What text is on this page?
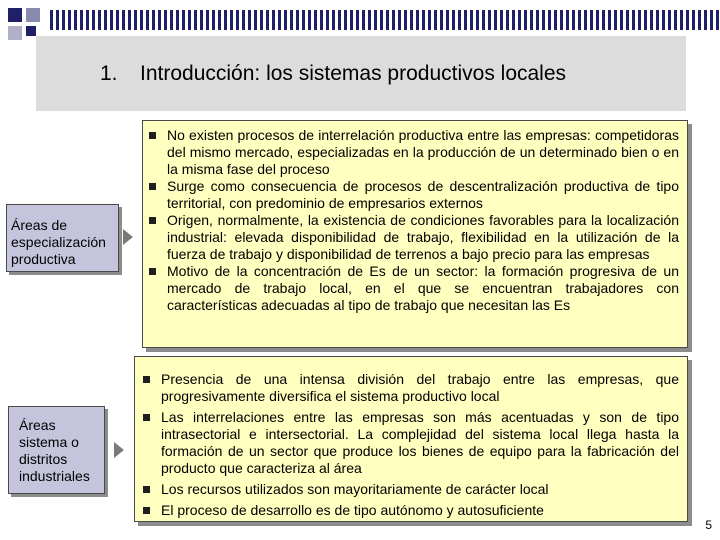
1. Introducción: los sistemas productivos locales
Áreas de especialización productiva
No existen procesos de interrelación productiva entre las empresas: competidoras del mismo mercado, especializadas en la producción de un determinado bien o en la misma fase del proceso
Surge como consecuencia de procesos de descentralización productiva de tipo territorial, con predominio de empresarios externos
Origen, normalmente, la existencia de condiciones favorables para la localización industrial: elevada disponibilidad de trabajo, flexibilidad en la utilización de la fuerza de trabajo y disponibilidad de terrenos a bajo precio para las empresas
Motivo de la concentración de Es de un sector: la formación progresiva de un mercado de trabajo local, en el que se encuentran trabajadores con características adecuadas al tipo de trabajo que necesitan las Es
Áreas sistema o distritos industriales
Presencia de una intensa división del trabajo entre las empresas, que progresivamente diversifica el sistema productivo local
Las interrelaciones entre las empresas son más acentuadas y son de tipo intrasectorial e intersectorial. La complejidad del sistema local llega hasta la formación de un sector que produce los bienes de equipo para la fabricación del producto que caracteriza al área
Los recursos utilizados son mayoritariamente de carácter local
El proceso de desarrollo es de tipo autónomo y autosuficiente
5
